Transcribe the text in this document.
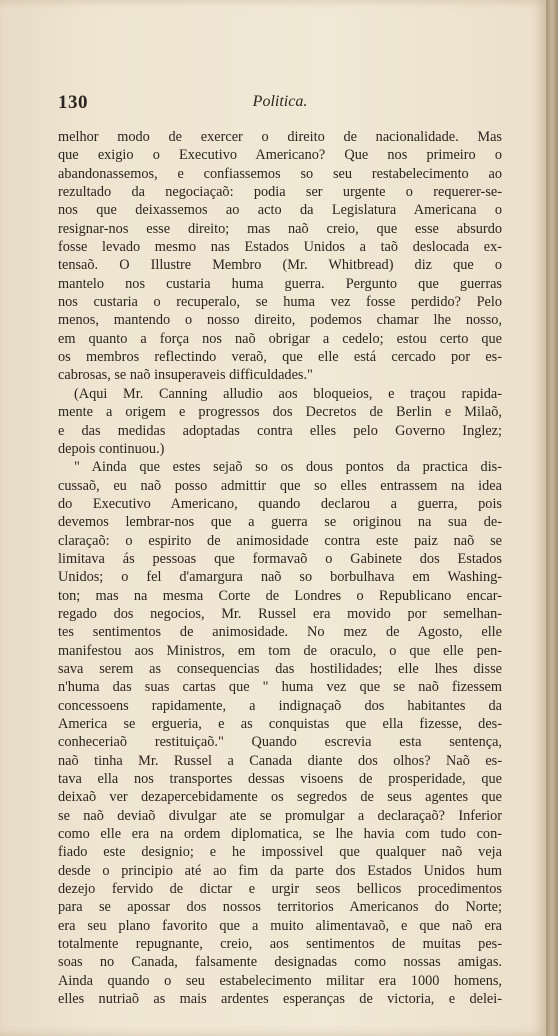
130	Politica.
melhor modo de exercer o direito de nacionalidade. Mas
que exigio o Executivo Americano? Que nos primeiro o
abandonassemos, e confiassemos so seu restabelecimento ao
rezultado da negociaçaõ: podia ser urgente o requerer-se-
nos que deixassemos ao acto da Legislatura Americana o
resignar-nos esse direito; mas naõ creio, que esse absurdo
fosse levado mesmo nas Estados Unidos a taõ deslocada ex-
tensaõ. O Illustre Membro (Mr. Whitbread) diz que o
mantelo nos custaria huma guerra. Pergunto que guerras
nos custaria o recuperalo, se huma vez fosse perdido? Pelo
menos, mantendo o nosso direito, podemos chamar lhe nosso,
em quanto a força nos naõ obrigar a cedelo; estou certo que
os membros reflectindo veraõ, que elle está cercado por es-
cabrosas, se naõ insuperaveis difficuldades."
(Aqui Mr. Canning alludio aos bloqueios, e traçou rapida-
mente a origem e progressos dos Decretos de Berlin e Milaõ,
e das medidas adoptadas contra elles pelo Governo Inglez;
depois continuou.)
" Ainda que estes sejaõ so os dous pontos da practica dis-
cussaõ, eu naõ posso admittir que so elles entrassem na idea
do Executivo Americano, quando declarou a guerra, pois
devemos lembrar-nos que a guerra se originou na sua de-
claraçaõ: o espirito de animosidade contra este paiz naõ se
limitava ás pessoas que formavaõ o Gabinete dos Estados
Unidos; o fel d'amargura naõ so borbulhava em Washing-
ton; mas na mesma Corte de Londres o Republicano encar-
regado dos negocios, Mr. Russel era movido por semelhan-
tes sentimentos de animosidade. No mez de Agosto, elle
manifestou aos Ministros, em tom de oraculo, o que elle pen-
sava serem as consequencias das hostilidades; elle lhes disse
n'huma das suas cartas que " huma vez que se naõ fizessem
concessoens rapidamente, a indignaçaõ dos habitantes da
America se ergueria, e as conquistas que ella fizesse, des-
conheceriaõ restituiçaõ." Quando escrevia esta sentença,
naõ tinha Mr. Russel a Canada diante dos olhos? Naõ es-
tava ella nos transportes dessas visoens de prosperidade, que
deixaõ ver dezapercebidamente os segredos de seus agentes que
se naõ deviaõ divulgar ate se promulgar a declaraçaõ? Inferior
como elle era na ordem diplomatica, se lhe havia com tudo con-
fiado este designio; e he impossivel que qualquer naõ veja
desde o principio até ao fim da parte dos Estados Unidos hum
dezejo fervido de dictar e urgir seos bellicos procedimentos
para se apossar dos nossos territorios Americanos do Norte;
era seu plano favorito que a muito alimentavaõ, e que naõ era
totalmente repugnante, creio, aos sentimentos de muitas pes-
soas no Canada, falsamente designadas como nossas amigas.
Ainda quando o seu estabelecimento militar era 1000 homens,
elles nutriaõ as mais ardentes esperanças de victoria, e delei-
